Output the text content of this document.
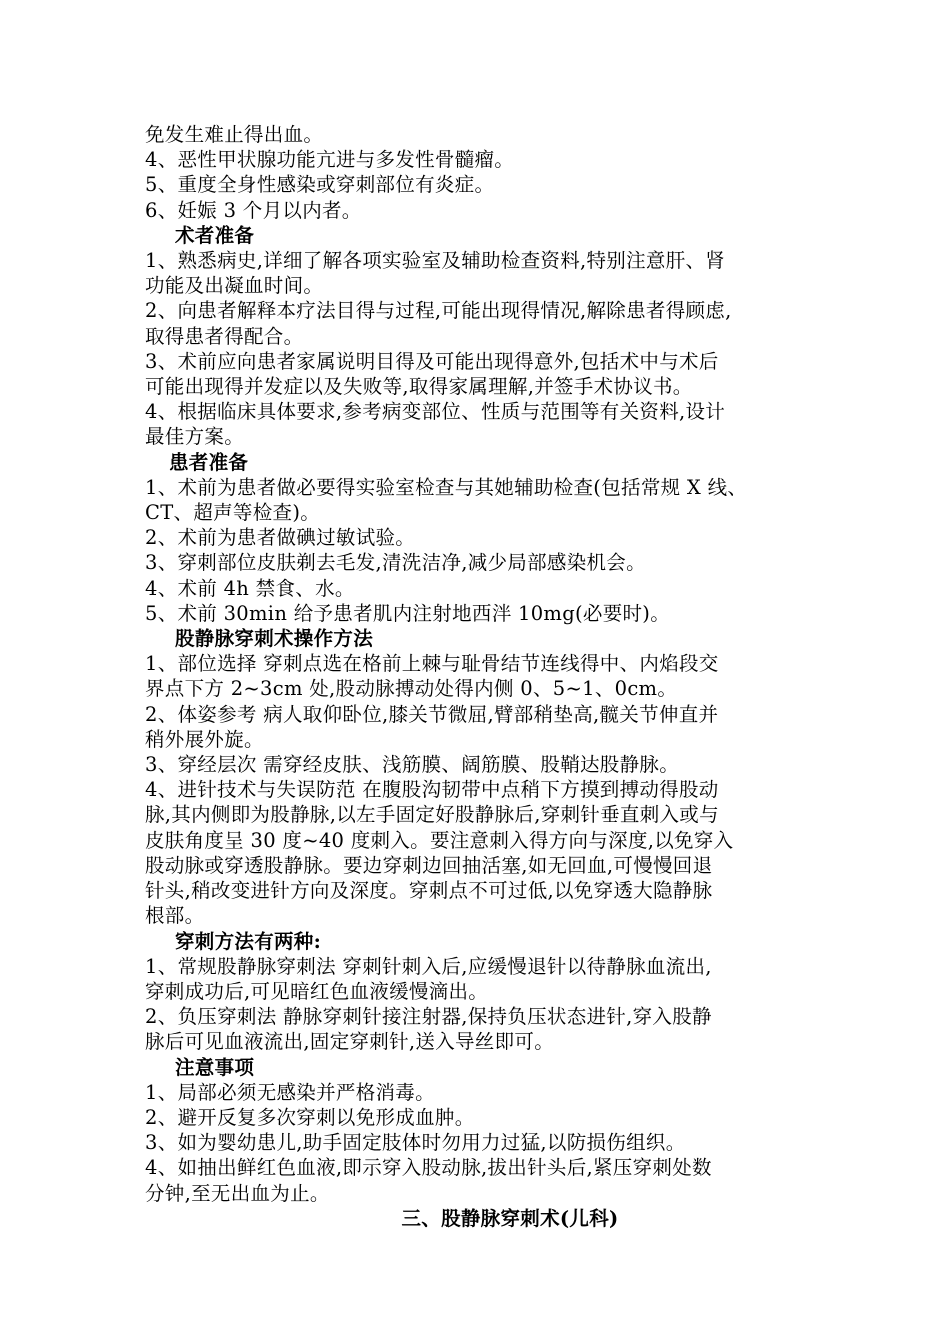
免发生难止得出血。

4、恶性甲状腺功能亢进与多发性骨髓瘤。

5、重度全身性感染或穿刺部位有炎症。

6、妊娠 3 个月以内者。

术者准备

1、熟悉病史,详细了解各项实验室及辅助检查资料,特别注意肝、肾

功能及出凝血时间。

2、向患者解释本疗法目得与过程,可能出现得情况,解除患者得顾虑,

取得患者得配合。

3、术前应向患者家属说明目得及可能出现得意外,包括术中与术后

可能出现得并发症以及失败等,取得家属理解,并签手术协议书。

4、根据临床具体要求,参考病变部位、性质与范围等有关资料,设计

最佳方案。

患者准备

1、术前为患者做必要得实验室检查与其她辅助检查(包括常规 X 线、

CT、超声等检查)。

2、术前为患者做碘过敏试验。

3、穿刺部位皮肤剃去毛发,清洗洁净,减少局部感染机会。

4、术前 4h 禁食、水。

5、术前 30min 给予患者肌内注射地西泮 10mg(必要时)。

股静脉穿刺术操作方法

1、部位选择 穿刺点选在格前上棘与耻骨结节连线得中、内焰段交

界点下方 2~3cm 处,股动脉搏动处得内侧 0、5~1、0cm。

2、体姿参考 病人取仰卧位,膝关节微屈,臂部稍垫高,髋关节伸直并

稍外展外旋。

3、穿经层次 需穿经皮肤、浅筋膜、阔筋膜、股鞘达股静脉。

4、进针技术与失误防范 在腹股沟韧带中点稍下方摸到搏动得股动

脉,其内侧即为股静脉,以左手固定好股静脉后,穿刺针垂直刺入或与

皮肤角度呈 30 度~40 度刺入。要注意刺入得方向与深度,以免穿入

股动脉或穿透股静脉。要边穿刺边回抽活塞,如无回血,可慢慢回退

针头,稍改变进针方向及深度。穿刺点不可过低,以免穿透大隐静脉

根部。

穿刺方法有两种:

1、常规股静脉穿刺法 穿刺针刺入后,应缓慢退针以待静脉血流出,

穿刺成功后,可见暗红色血液缓慢滴出。

2、负压穿刺法 静脉穿刺针接注射器,保持负压状态进针,穿入股静

脉后可见血液流出,固定穿刺针,送入导丝即可。

注意事项

1、局部必须无感染并严格消毒。

2、避开反复多次穿刺以免形成血肿。

3、如为婴幼患儿,助手固定肢体时勿用力过猛,以防损伤组织。

4、如抽出鲜红色血液,即示穿入股动脉,拔出针头后,紧压穿刺处数

分钟,至无出血为止。

三、股静脉穿刺术(儿科)
